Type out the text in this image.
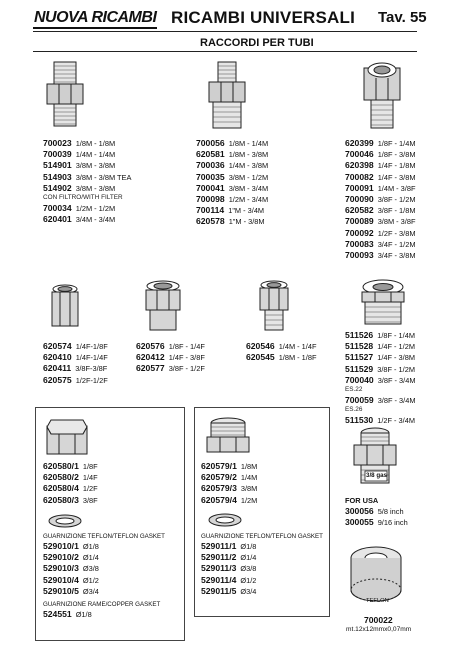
NUOVA RICAMBI RICAMBI UNIVERSALI Tav. 55
RACCORDI PER TUBI
700023 1/8M - 1/8M
700039 1/4M - 1/4M
514901 3/8M - 3/8M
514903 3/8M - 3/8M TEA
514902 3/8M - 3/8M
CON FILTRO/WITH FILTER
700034 1/2M - 1/2M
620401 3/4M - 3/4M
700056 1/8M - 1/4M
620581 1/8M - 3/8M
700036 1/4M - 3/8M
700035 3/8M - 1/2M
700041 3/8M - 3/4M
700098 1/2M - 3/4M
700114 1"M - 3/4M
620578 1"M - 3/8M
620399 1/8F - 1/4M
700046 1/8F - 3/8M
620398 1/4F - 1/8M
700082 1/4F - 3/8M
700091 1/4M - 3/8F
700090 3/8F - 1/2M
620582 3/8F - 1/8M
700089 3/8M - 3/8F
700092 1/2F - 3/8M
700083 3/4F - 1/2M
700093 3/4F - 3/8M
620574 1/4F-1/8F
620410 1/4F-1/4F
620411 3/8F-3/8F
620575 1/2F-1/2F
620576 1/8F - 1/4F
620412 1/4F - 3/8F
620577 3/8F - 1/2F
620546 1/4M - 1/4F
620545 1/8M - 1/8F
511526 1/8F - 1/4M
511528 1/4F - 1/2M
511527 1/4F - 3/8M
511529 3/8F - 1/2M
700040 3/8F - 3/4M
ES.22
700059 3/8F - 3/4M
ES.26
511530 1/2F - 3/4M
620580/1 1/8F
620580/2 1/4F
620580/4 1/2F
620580/3 3/8F
GUARNIZIONE TEFLON/TEFLON GASKET
529010/1 Ø1/8
529010/2 Ø1/4
529010/3 Ø3/8
529010/4 Ø1/2
529010/5 Ø3/4
GUARNIZIONE RAME/COPPER GASKET
524551 Ø1/8
620579/1 1/8M
620579/2 1/4M
620579/3 3/8M
620579/4 1/2M
GUARNIZIONE TEFLON/TEFLON GASKET
529011/1 Ø1/8
529011/2 Ø1/4
529011/3 Ø3/8
529011/4 Ø1/2
529011/5 Ø3/4
3/8 gas
FOR USA
300056 5/8 inch
300055 9/16 inch
TEFLON
700022
mt.12x12mmx0,07mm
